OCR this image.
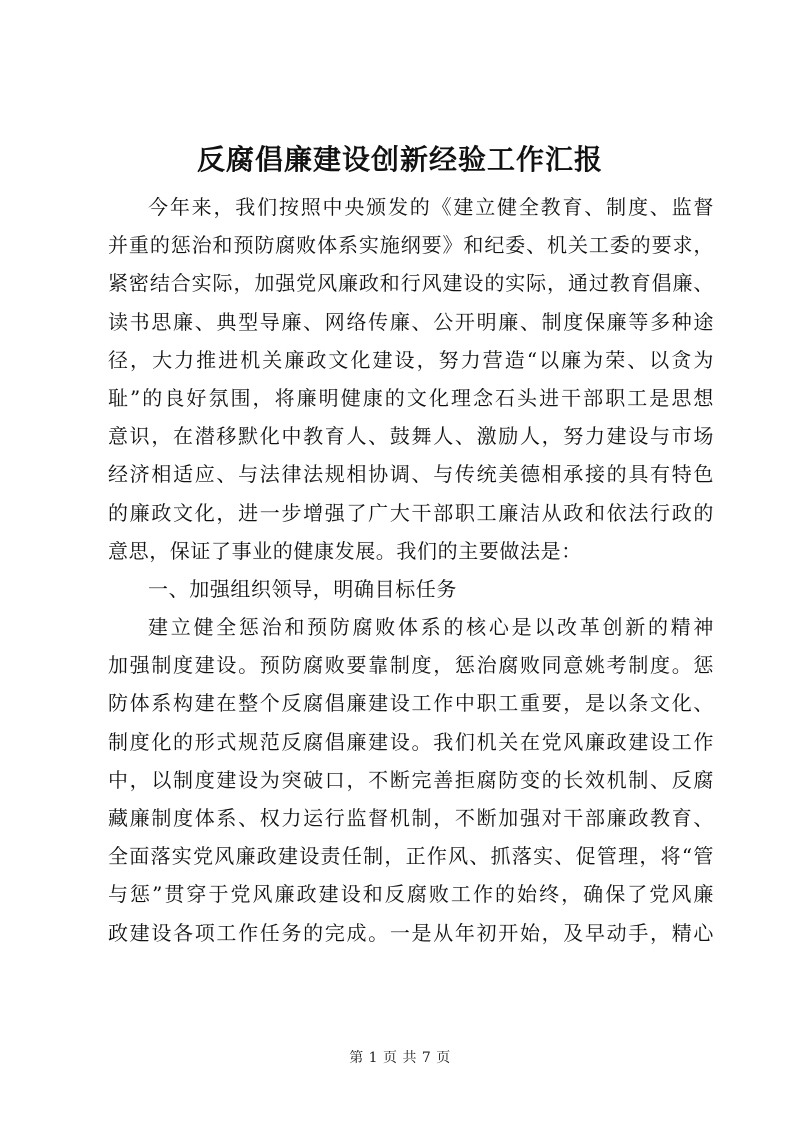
反腐倡廉建设创新经验工作汇报
今年来，我们按照中央颁发的《建立健全教育、制度、监督
并重的惩治和预防腐败体系实施纲要》和纪委、机关工委的要求，
紧密结合实际，加强党风廉政和行风建设的实际，通过教育倡廉、
读书思廉、典型导廉、网络传廉、公开明廉、制度保廉等多种途
径，大力推进机关廉政文化建设，努力营造“以廉为荣、以贪为
耻”的良好氛围，将廉明健康的文化理念石头进干部职工是思想
意识，在潜移默化中教育人、鼓舞人、激励人，努力建设与市场
经济相适应、与法律法规相协调、与传统美德相承接的具有特色
的廉政文化，进一步增强了广大干部职工廉洁从政和依法行政的
意思，保证了事业的健康发展。我们的主要做法是：
一、加强组织领导，明确目标任务
建立健全惩治和预防腐败体系的核心是以改革创新的精神
加强制度建设。预防腐败要靠制度，惩治腐败同意姚考制度。惩
防体系构建在整个反腐倡廉建设工作中职工重要，是以条文化、
制度化的形式规范反腐倡廉建设。我们机关在党风廉政建设工作
中，以制度建设为突破口，不断完善拒腐防变的长效机制、反腐
藏廉制度体系、权力运行监督机制，不断加强对干部廉政教育、
全面落实党风廉政建设责任制，正作风、抓落实、促管理，将“管
与惩”贯穿于党风廉政建设和反腐败工作的始终，确保了党风廉
政建设各项工作任务的完成。一是从年初开始，及早动手，精心
第 1 页 共 7 页
